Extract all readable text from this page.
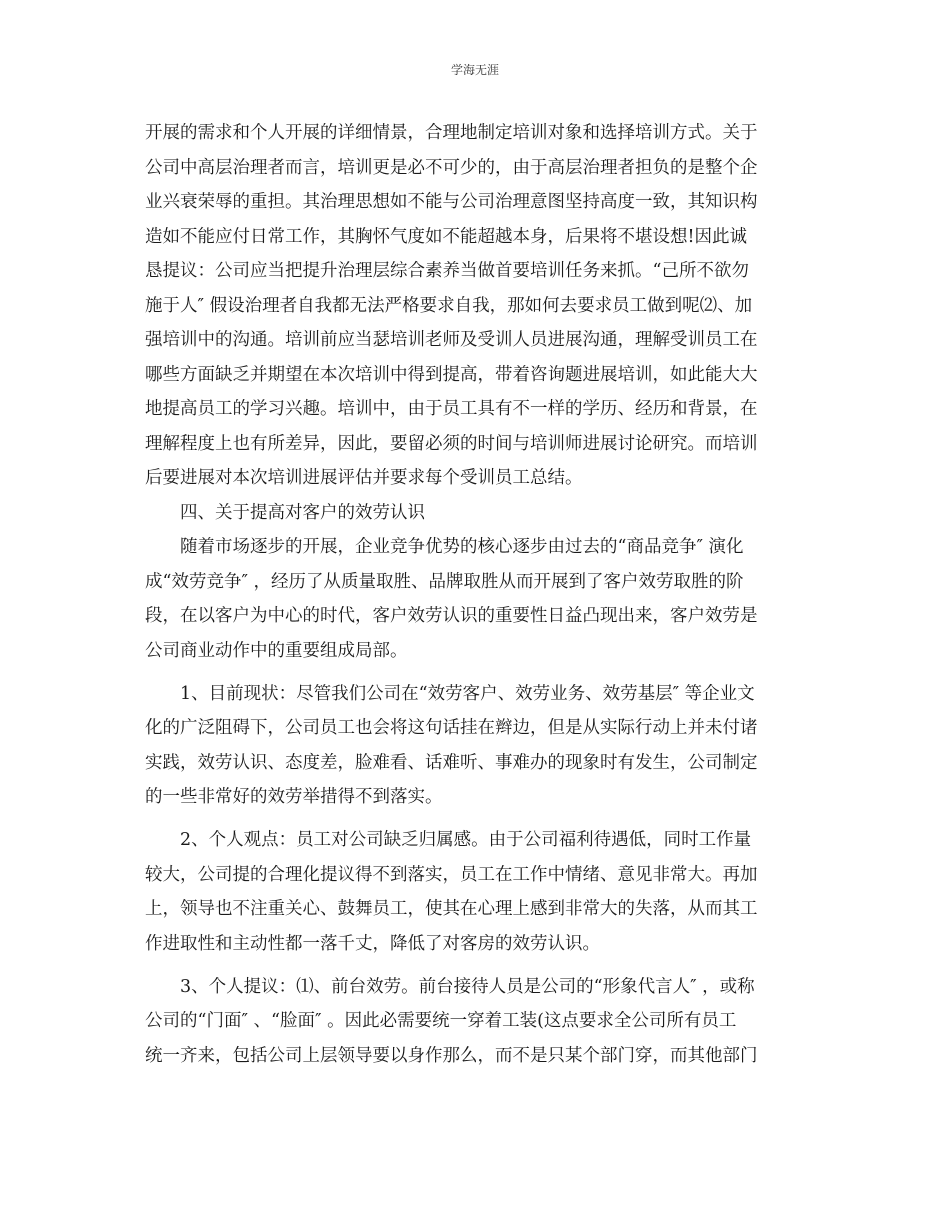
学海无涯
开展的需求和个人开展的详细情景，合理地制定培训对象和选择培训方式。关于
公司中高层治理者而言，培训更是必不可少的，由于高层治理者担负的是整个企
业兴衰荣辱的重担。其治理思想如不能与公司治理意图坚持高度一致，其知识构
造如不能应付日常工作，其胸怀气度如不能超越本身，后果将不堪设想!因此诚
恳提议：公司应当把提升治理层综合素养当做首要培训任务来抓。“己所不欲勿
施于人″ 假设治理者自我都无法严格要求自我，那如何去要求员工做到呢⑵、加
强培训中的沟通。培训前应当瑟培训老师及受训人员进展沟通，理解受训员工在
哪些方面缺乏并期望在本次培训中得到提高，带着咨询题进展培训，如此能大大
地提高员工的学习兴趣。培训中，由于员工具有不一样的学历、经历和背景，在
理解程度上也有所差异，因此，要留必须的时间与培训师进展讨论研究。而培训
后要进展对本次培训进展评估并要求每个受训员工总结。
四、关于提高对客户的效劳认识
随着市场逐步的开展，企业竞争优势的核心逐步由过去的“商品竞争″ 演化
成“效劳竞争″ ，经历了从质量取胜、品牌取胜从而开展到了客户效劳取胜的阶
段，在以客户为中心的时代，客户效劳认识的重要性日益凸现出来，客户效劳是
公司商业动作中的重要组成局部。
1、目前现状：尽管我们公司在“效劳客户、效劳业务、效劳基层″ 等企业文
化的广泛阻碍下，公司员工也会将这句话挂在辫边，但是从实际行动上并未付诸
实践，效劳认识、态度差，脸难看、话难听、事难办的现象时有发生，公司制定
的一些非常好的效劳举措得不到落实。
2、个人观点：员工对公司缺乏归属感。由于公司福利待遇低，同时工作量
较大，公司提的合理化提议得不到落实，员工在工作中情绪、意见非常大。再加
上，领导也不注重关心、鼓舞员工，使其在心理上感到非常大的失落，从而其工
作进取性和主动性都一落千丈，降低了对客房的效劳认识。
3、个人提议：⑴、前台效劳。前台接待人员是公司的“形象代言人″ ，或称
公司的“门面″ 、“脸面″ 。因此必需要统一穿着工装(这点要求全公司所有员工
统一齐来，包括公司上层领导要以身作那么，而不是只某个部门穿，而其他部门
